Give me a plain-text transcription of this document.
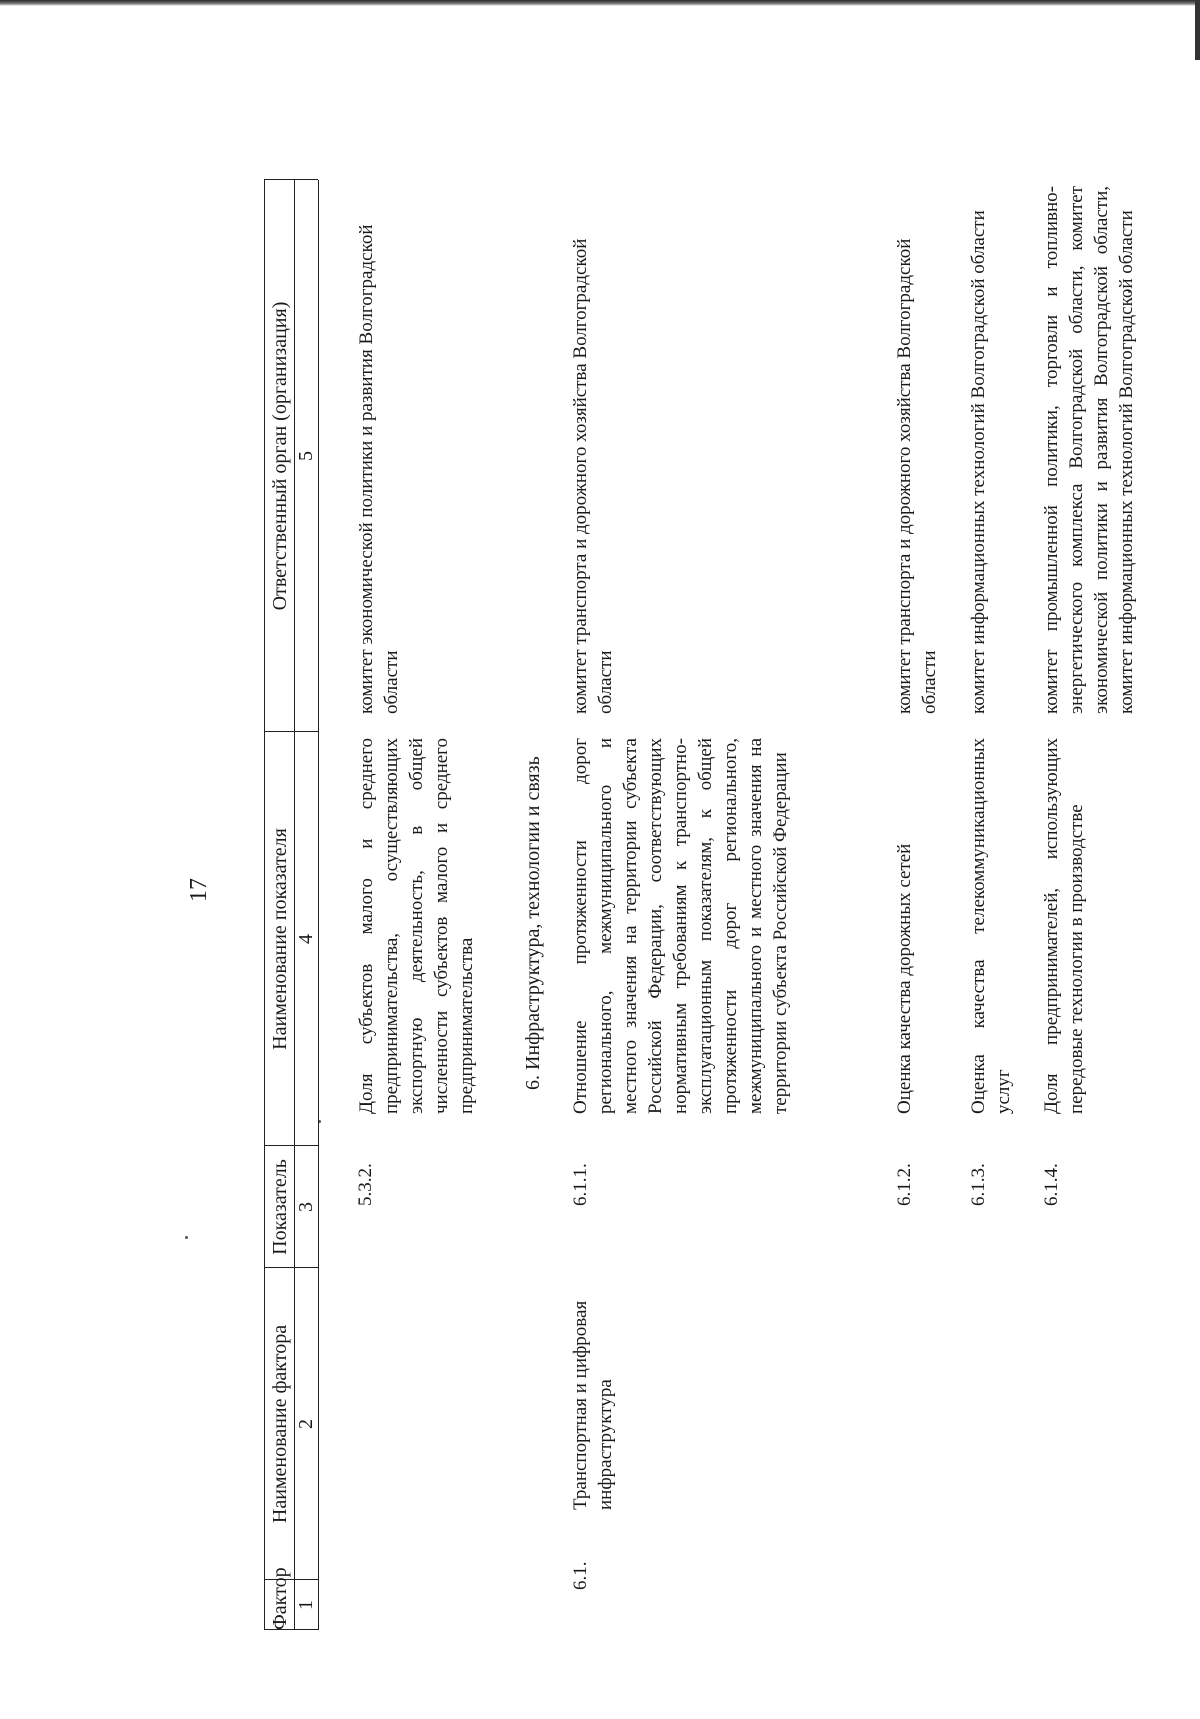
17
Фактор
Наименование фактора
Показатель
Наименование показателя
Ответственный орган (организация)
1
2
3
4
5
5.3.2.
Доля субъектов малого и среднего предпринимательства, осуществляющих экспортную деятельность, в общей численности субъектов малого и среднего предпринимательства
комитет экономической политики и развития Волгоградской области
6. Инфраструктура, технологии и связь
6.1.
Транспортная и цифровая инфраструктура
6.1.1.
Отношение протяженности дорог регионального, межмуниципального и местного значения на территории субъекта Российской Федерации, соответствующих нормативным требованиям к транспортно-эксплуатационным показателям, к общей протяженности дорог регионального, межмуниципального и местного значения на территории субъекта Российской Федерации
комитет транспорта и дорожного хозяйства Волгоградской области
6.1.2.
Оценка качества дорожных сетей
комитет транспорта и дорожного хозяйства Волгоградской области
6.1.3.
Оценка качества телекоммуникационных услуг
комитет информационных технологий Волгоградской области
6.1.4.
Доля предпринимателей, использующих передовые технологии в производстве
комитет промышленной политики, торговли и топливно-энергетического комплекса Волгоградской области, комитет экономической политики и развития Волгоградской области, комитет информационных технологий Волгоградской области
